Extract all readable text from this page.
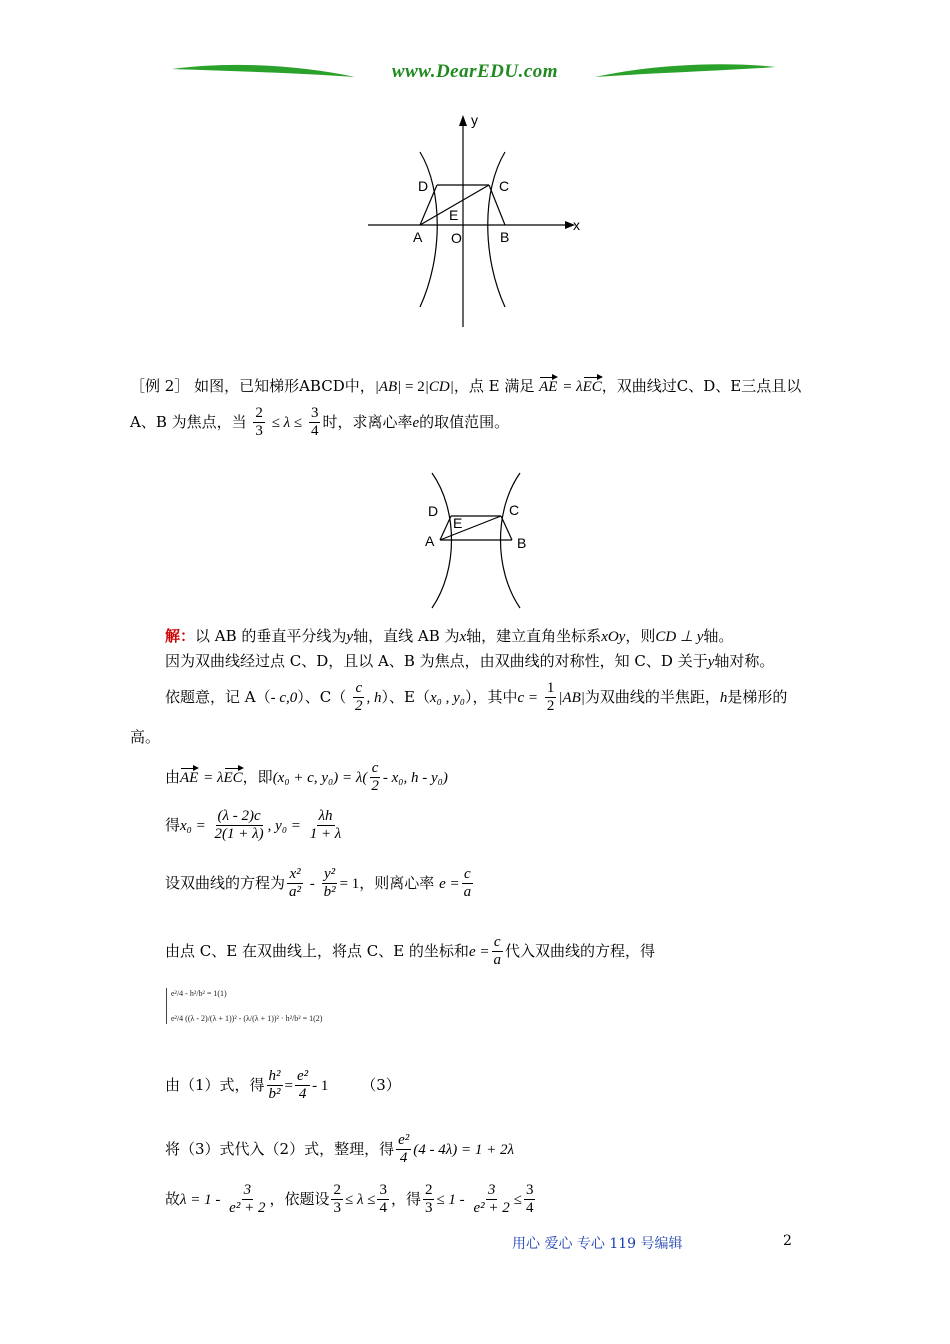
www.DearEDU.com
y
x
D	C
E
A O	B
［例 2］ 如图，已知梯形ABCD中，|AB| = 2|CD|，点 E 满足 AE = λEC，双曲线过C、D、E三点且以
A、B 为焦点，当 $\frac{2}{3} \le \lambda \le \frac{3}{4}$ 时，求离心率e的取值范围。
D	C
E
A	B
解：以 AB 的垂直平分线为y轴，直线 AB 为x轴，建立直角坐标系xOy，则CD ⊥ y轴。
因为双曲线经过点 C、D，且以 A、B 为焦点，由双曲线的对称性，知 C、D 关于y轴对称。
依题意，记 A（- c,0）、$C( \frac{c}{2}$ , h）、E（x₀ , y₀），其中$c = \frac{1}{2} |AB|$为双曲线的半焦距，h是梯形的
高。
由AE = λEC，即(x₀ + c, $y_0) = \lambda( \frac{c}{2} - x_0$, h - y₀)
得$x_0 = \frac{(\lambda - 2)c}{2(1 + \lambda)}$ , $y_0 = \frac{\lambda h}{1 + \lambda}$
设双曲线的方程为 $\frac{\text{x²}}{\text{a²}} - \frac{\text{y²}}{\text{b²}} = 1$，则离心率 $e = \frac{c}{a}$
由点 C、E 在双曲线上，将点 C、E 的坐标和$e = \frac{c}{a}$ 代入双曲线的方程，得
e²/4 - h²/b² = 1(1)
e²/4 ((λ - 2)/(λ + 1))² - (λ/(λ + 1))² · h²/b² = 1(2)
由（1）式，得 $\frac{\text{h²}}{\text{b²}} = \frac{\text{e²}}{4} - 1$ （3）
将（3）式代入（2）式，整理，得 $\frac{\text{e²}}{4} (4 - 4\lambda) = 1 + 2\lambda$
故$\lambda = 1 - \frac{3}{\text{e² + 2}}$ ，依题设 $\frac{2}{3} \le \lambda \le \frac{3}{4}$ ，得 $\frac{2}{3} \le 1 - \frac{3}{\text{e² + 2}} \le \frac{3}{4}$
用心 爱心 专心 119 号编辑	2
